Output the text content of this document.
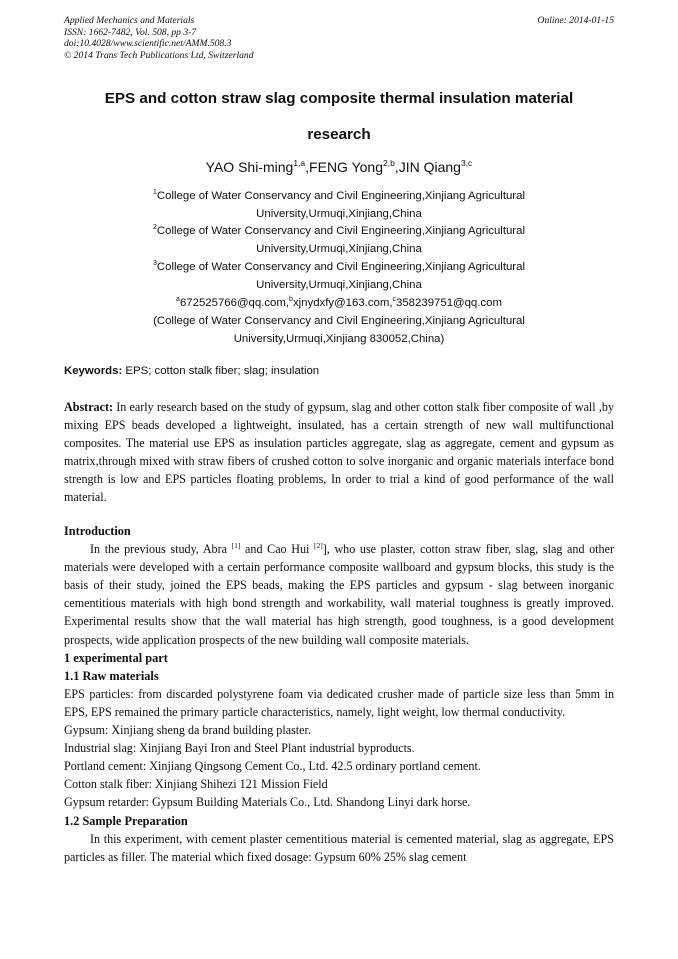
Applied Mechanics and Materials
ISSN: 1662-7482, Vol. 508, pp 3-7
doi:10.4028/www.scientific.net/AMM.508.3
© 2014 Trans Tech Publications Ltd, Switzerland
Online: 2014-01-15
EPS and cotton straw slag composite thermal insulation material
research
YAO Shi-ming$^{1,a}$,FENG Yong$^{2,b}$,JIN Qiang$^{3,c}$
$^1$College of Water Conservancy and Civil Engineering,Xinjiang Agricultural
University,Urmuqi,Xinjiang,China
$^2$College of Water Conservancy and Civil Engineering,Xinjiang Agricultural
University,Urmuqi,Xinjiang,China
$^3$College of Water Conservancy and Civil Engineering,Xinjiang Agricultural
University,Urmuqi,Xinjiang,China
$^a$672525766@qq.com,$^b$xjnydxfy@163.com,$^c$358239751@qq.com
(College of Water Conservancy and Civil Engineering,Xinjiang Agricultural
University,Urmuqi,Xinjiang 830052,China)
Keywords: EPS; cotton stalk fiber; slag; insulation
Abstract: In early research based on the study of gypsum, slag and other cotton stalk fiber composite of wall ,by mixing EPS beads developed a lightweight, insulated, has a certain strength of new wall multifunctional composites. The material use EPS as insulation particles aggregate, slag as aggregate, cement and gypsum as matrix,through mixed with straw fibers of crushed cotton to solve inorganic and organic materials interface bond strength is low and EPS particles floating problems, In order to trial a kind of good performance of the wall material.
Introduction
In the previous study, Abra [1] and Cao Hui [2]], who use plaster, cotton straw fiber, slag, slag and other materials were developed with a certain performance composite wallboard and gypsum blocks, this study is the basis of their study, joined the EPS beads, making the EPS particles and gypsum - slag between inorganic cementitious materials with high bond strength and workability, wall material toughness is greatly improved. Experimental results show that the wall material has high strength, good toughness, is a good development prospects, wide application prospects of the new building wall composite materials.
1 experimental part
1.1 Raw materials
EPS particles: from discarded polystyrene foam via dedicated crusher made of particle size less than 5mm in EPS, EPS remained the primary particle characteristics, namely, light weight, low thermal conductivity.
Gypsum: Xinjiang sheng da brand building plaster.
Industrial slag: Xinjiang Bayi Iron and Steel Plant industrial byproducts.
Portland cement: Xinjiang Qingsong Cement Co., Ltd. 42.5 ordinary portland cement.
Cotton stalk fiber: Xinjiang Shihezi 121 Mission Field
Gypsum retarder: Gypsum Building Materials Co., Ltd. Shandong Linyi dark horse.
1.2 Sample Preparation
In this experiment, with cement plaster cementitious material is cemented material, slag as aggregate, EPS particles as filler. The material which fixed dosage: Gypsum 60% 25% slag cement
